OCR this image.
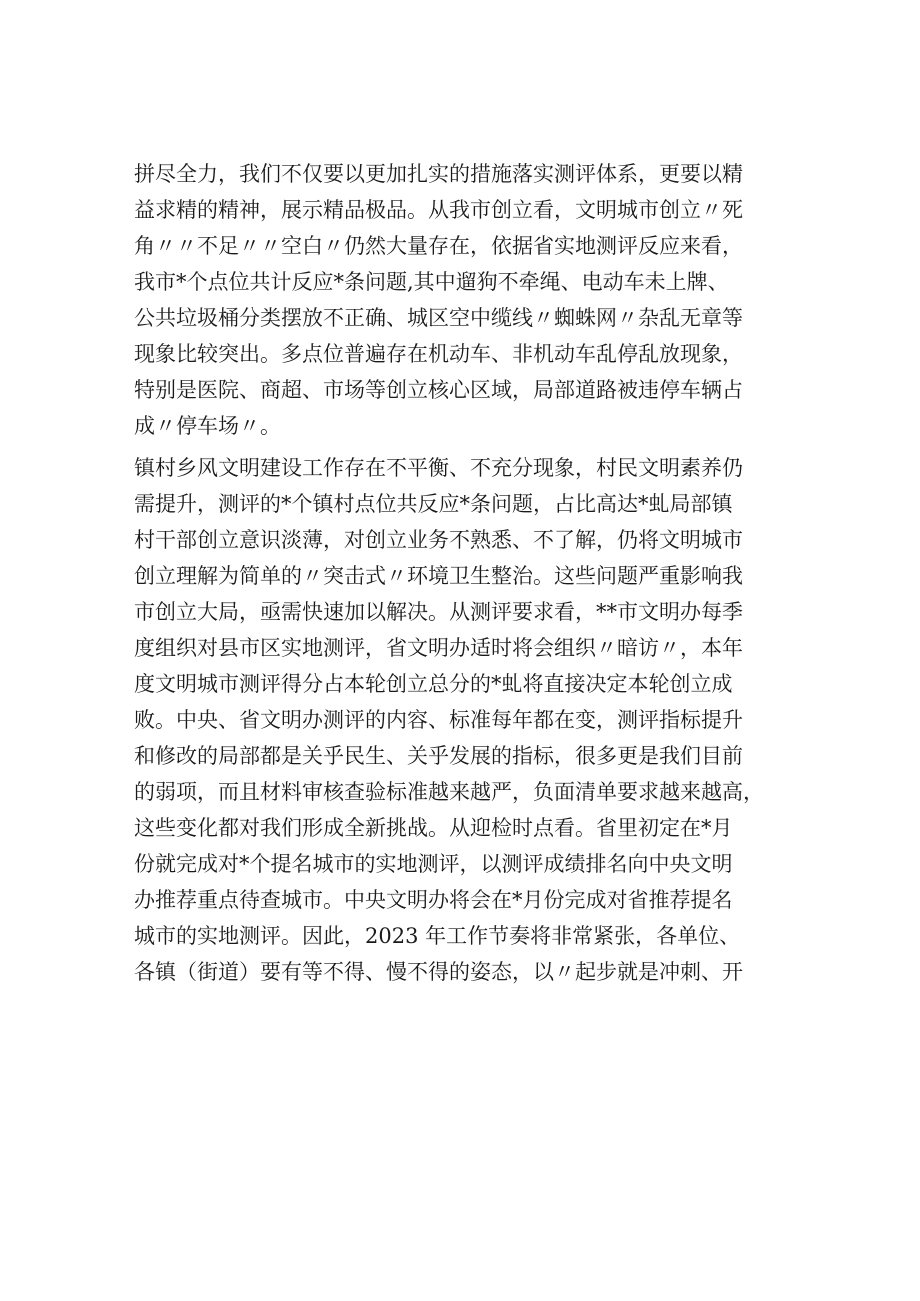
拼尽全力，我们不仅要以更加扎实的措施落实测评体系，更要以精
益求精的精神，展示精品极品。从我市创立看，文明城市创立〃死
角〃〃不足〃〃空白〃仍然大量存在，依据省实地测评反应来看，
我市*个点位共计反应*条问题,其中遛狗不牵绳、电动车未上牌、
公共垃圾桶分类摆放不正确、城区空中缆线〃蜘蛛网〃杂乱无章等
现象比较突出。多点位普遍存在机动车、非机动车乱停乱放现象，
特别是医院、商超、市场等创立核心区域，局部道路被违停车辆占
成〃停车场〃。
镇村乡风文明建设工作存在不平衡、不充分现象，村民文明素养仍
需提升，测评的*个镇村点位共反应*条问题，占比高达*虬局部镇
村干部创立意识淡薄，对创立业务不熟悉、不了解，仍将文明城市
创立理解为简单的〃突击式〃环境卫生整治。这些问题严重影响我
市创立大局，亟需快速加以解决。从测评要求看，**市文明办每季
度组织对县市区实地测评，省文明办适时将会组织〃暗访〃，本年
度文明城市测评得分占本轮创立总分的*虬将直接决定本轮创立成
败。中央、省文明办测评的内容、标准每年都在变，测评指标提升
和修改的局部都是关乎民生、关乎发展的指标，很多更是我们目前
的弱项，而且材料审核查验标准越来越严，负面清单要求越来越高，
这些变化都对我们形成全新挑战。从迎检时点看。省里初定在*月
份就完成对*个提名城市的实地测评，以测评成绩排名向中央文明
办推荐重点待查城市。中央文明办将会在*月份完成对省推荐提名
城市的实地测评。因此，2023 年工作节奏将非常紧张，各单位、
各镇（街道）要有等不得、慢不得的姿态，以〃起步就是冲刺、开
